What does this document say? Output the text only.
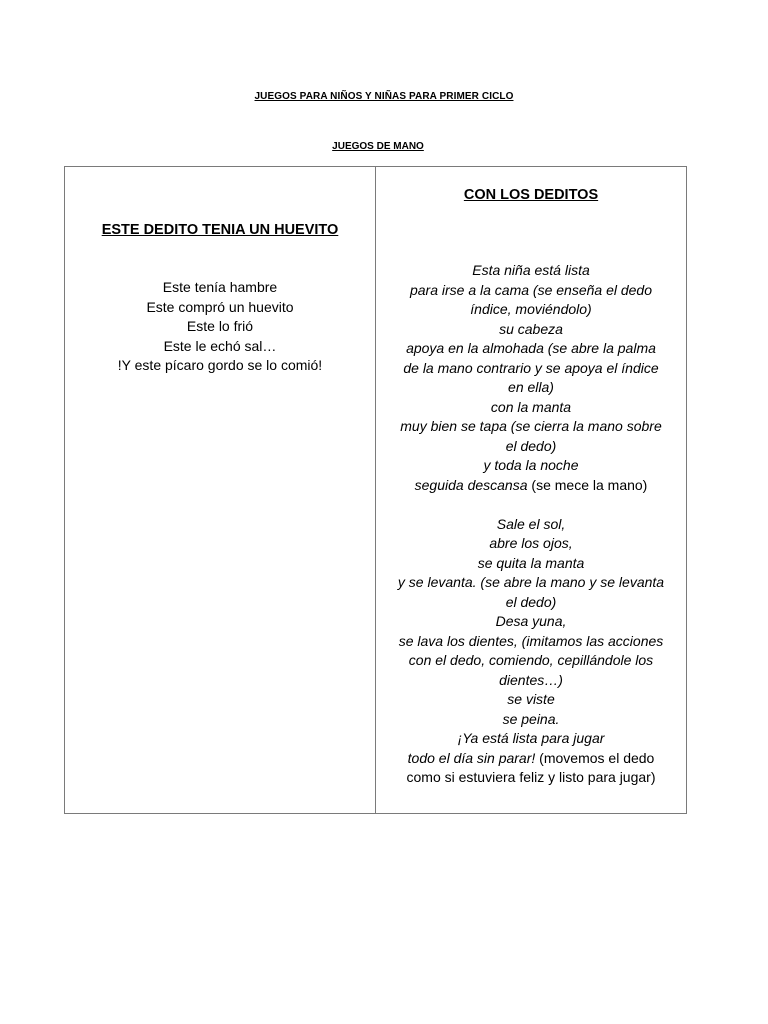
JUEGOS PARA NIÑOS Y NIÑAS PARA PRIMER CICLO
JUEGOS DE MANO
ESTE DEDITO TENIA UN HUEVITO
Este tenía hambre
Este compró un huevito
Este lo frió
Este le echó sal…
!Y este pícaro gordo se lo comió!
CON LOS DEDITOS
Esta niña está lista
para irse a la cama (se enseña el dedo
índice, moviéndolo)
su cabeza
apoya en la almohada (se abre la palma
de la mano contrario y se apoya el índice
en ella)
con la manta
muy bien se tapa (se cierra la mano sobre
el dedo)
y toda la noche
seguida descansa (se mece la mano)
Sale el sol,
abre los ojos,
se quita la manta
y se levanta. (se abre la mano y se levanta
el dedo)
Desa yuna,
se lava los dientes, (imitamos las acciones
con el dedo, comiendo, cepillándole los
dientes…)
se viste
se peina.
¡Ya está lista para jugar
todo el día sin parar! (movemos el dedo
como si estuviera feliz y listo para jugar)
